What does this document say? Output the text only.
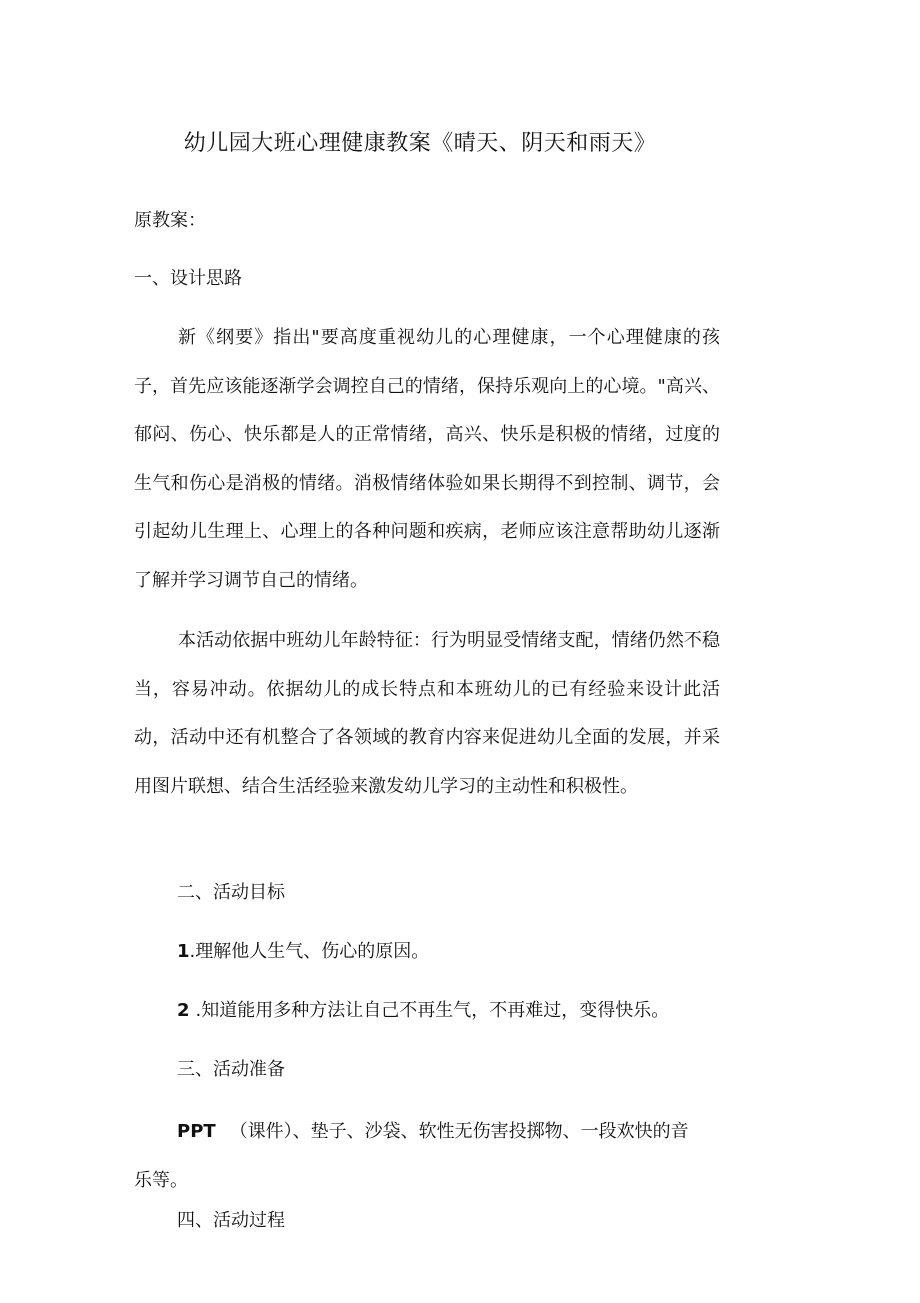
幼儿园大班心理健康教案《晴天、阴天和雨天》
原教案：
一、设计思路

新《纲要》指出"要高度重视幼儿的心理健康，一个心理健康的孩子，首先应该能逐渐学会调控自己的情绪，保持乐观向上的心境。"高兴、郁闷、伤心、快乐都是人的正常情绪，高兴、快乐是积极的情绪，过度的生气和伤心是消极的情绪。消极情绪体验如果长期得不到控制、调节，会引起幼儿生理上、心理上的各种问题和疾病，老师应该注意帮助幼儿逐渐了解并学习调节自己的情绪。

本活动依据中班幼儿年龄特征：行为明显受情绪支配，情绪仍然不稳当，容易冲动。依据幼儿的成长特点和本班幼儿的已有经验来设计此活动，活动中还有机整合了各领域的教育内容来促进幼儿全面的发展，并采用图片联想、结合生活经验来激发幼儿学习的主动性和积极性。

二、活动目标
1.理解他人生气、伤心的原因。
2 .知道能用多种方法让自己不再生气，不再难过，变得快乐。
三、活动准备
PPT （课件）、垫子、沙袋、软性无伤害投掷物、一段欢快的音
乐等。
四、活动过程
